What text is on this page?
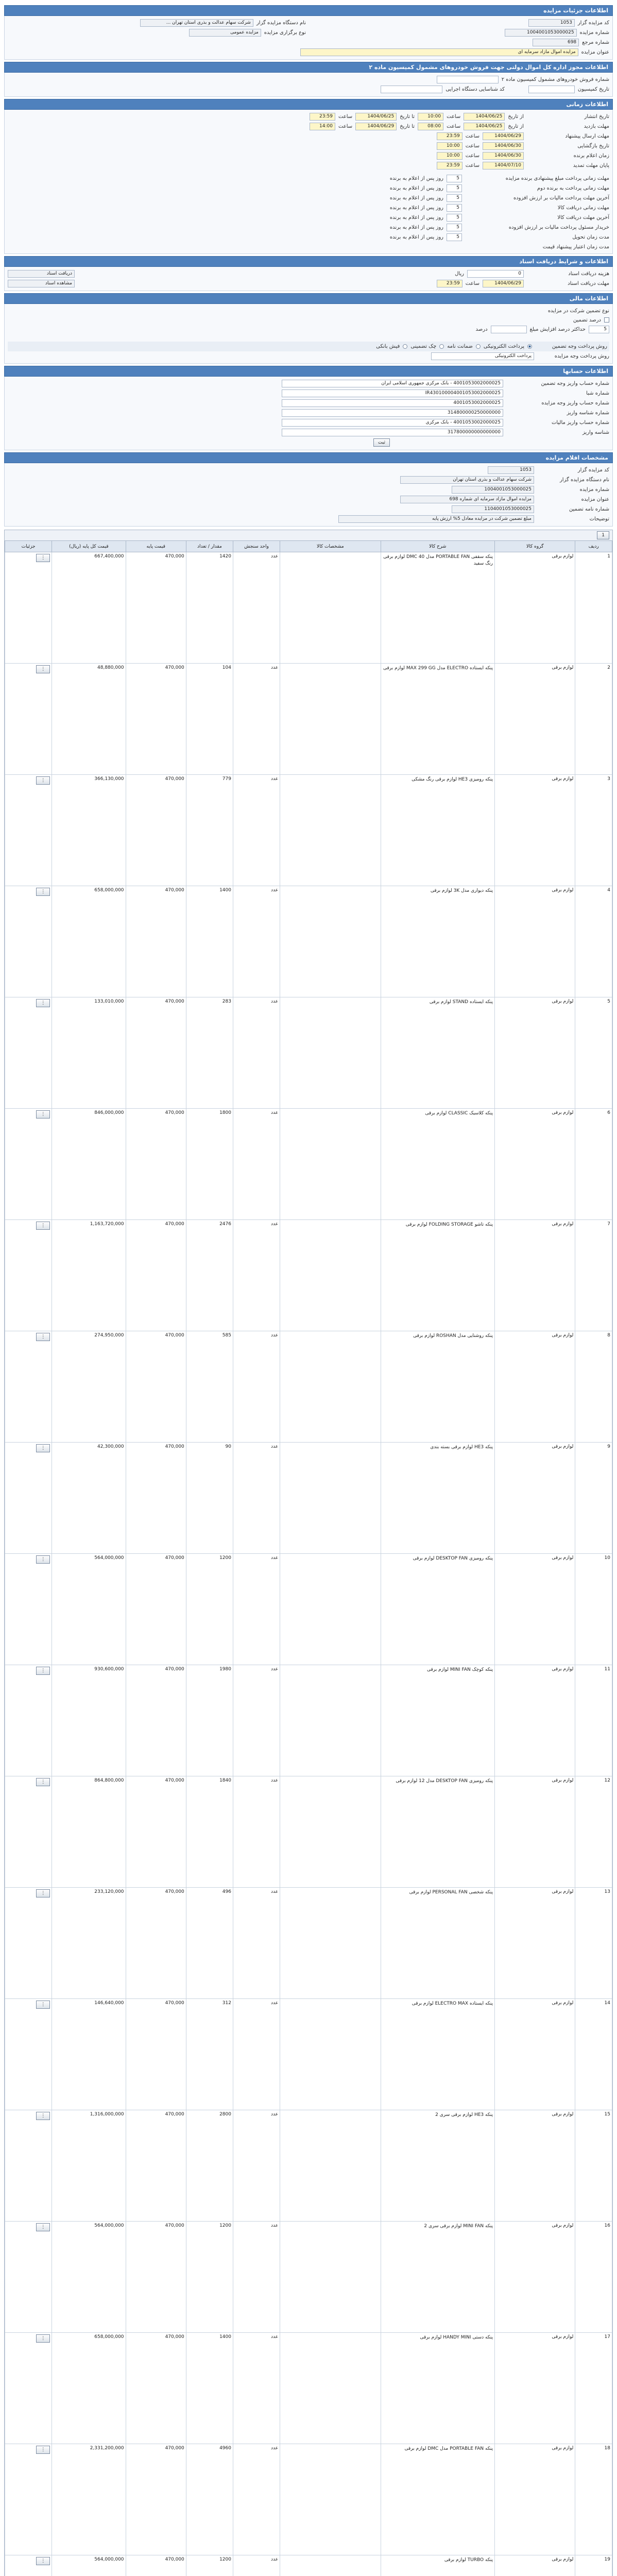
اطلاعات جزئیات مزایده
کد مزایده گزار
1053
نام دستگاه مزایده گزار
شرکت سهام عدالت و بذری استان تهران ...
شماره مزایده
1004001053000025
نوع برگزاری مزایده
مزایده عمومی
شماره مرجع
698
عنوان مزایده
مزایده اموال مازاد سرمایه ای
اطلاعات مجوز اداره کل اموال دولتی جهت فروش خودروهای مشمول کمیسیون ماده ۲
شماره فروش خودروهای مشمول کمیسیون ماده ۲
تاریخ کمیسیون
کد شناسایی دستگاه اجرایی
اطلاعات زمانی
تاریخ انتشار
از تاریخ
1404/06/25
ساعت
10:00
تا تاریخ
1404/06/25
ساعت
23:59
مهلت بازدید
از تاریخ
1404/06/25
ساعت
08:00
تا تاریخ
1404/06/29
ساعت
14:00
مهلت ارسال پیشنهاد
1404/06/29
ساعت
23:59
تاریخ بازگشایی
1404/06/30
ساعت
10:00
زمان اعلام برنده
1404/06/30
ساعت
10:00
پایان مهلت تمدید
1404/07/10
ساعت
23:59
مهلت زمانی پرداخت مبلغ پیشنهادی برنده مزایده
5
روز پس از اعلام به برنده
مهلت زمانی پرداخت به برنده دوم
5
روز پس از اعلام به برنده
آخرین مهلت پرداخت مالیات بر ارزش افزوده
5
روز پس از اعلام به برنده
مهلت زمانی دریافت کالا
5
روز پس از اعلام به برنده
آخرین مهلت دریافت کالا
5
روز پس از اعلام به برنده
خریدار مسئول پرداخت مالیات بر ارزش افزوده
5
روز پس از اعلام به برنده
مدت زمان تحویل
5
روز پس از اعلام به برنده
مدت زمان اعتبار پیشنهاد قیمت
اطلاعات و شرایط دریافت اسناد
هزینه دریافت اسناد
0
ریال
دریافت اسناد
مهلت دریافت اسناد
1404/06/29
ساعت
23:59
مشاهده اسناد
اطلاعات مالی
نوع تضمین شرکت در مزایده
درصد تضمین
5
حداکثر درصد افزایش مبلغ
درصد
روش پرداخت وجه تضمین
پرداخت الکترونیکی
ضمانت نامه
چک تضمینی
فیش بانکی
روش پرداخت وجه مزایده
پرداخت الکترونیکی
اطلاعات حسابها
شماره حساب واریز وجه تضمین
4001053002000025 - بانک مرکزی جمهوری اسلامی ایران
شماره شبا
IR430100004001053002000025
شماره حساب واریز وجه مزایده
4001053002000025
شماره شناسه واریز
314800000250000000
شماره حساب واریز مالیات
4001053002000025 - بانک مرکزی
شناسه واریز
317800000000000000
ثبت
مشخصات اقلام مزایده
کد مزایده گزار
1053
نام دستگاه مزایده گزار
شرکت سهام عدالت و بذری استان تهران
شماره مزایده
1004001053000025
عنوان مزایده
مزایده اموال مازاد سرمایه ای شماره 698
شماره نامه تضمین
1104001053000025
توضیحات
مبلغ تضمین شرکت در مزایده معادل 5% ارزش پایه
1
ردیف	گروه کالا	شرح کالا	مشخصات کالا	واحد سنجش	مقدار / تعداد	قیمت پایه	قیمت کل پایه (ریال)	جزئیات
1	لوازم برقی	پنکه سقفی PORTABLE FAN مدل DMC 40 لوازم برقی رنگ سفید		عدد	1420	470,000	667,400,000	⋮
2	لوازم برقی	پنکه ایستاده ELECTRO مدل MAX 299 GG لوازم برقی		عدد	104	470,000	48,880,000	⋮
3	لوازم برقی	پنکه رومیزی HE3 لوازم برقی رنگ مشکی		عدد	779	470,000	366,130,000	⋮
4	لوازم برقی	پنکه دیواری مدل 3K لوازم برقی		عدد	1400	470,000	658,000,000	⋮
5	لوازم برقی	پنکه ایستاده STAND لوازم برقی		عدد	283	470,000	133,010,000	⋮
6	لوازم برقی	پنکه کلاسیک CLASSIC لوازم برقی		عدد	1800	470,000	846,000,000	⋮
7	لوازم برقی	پنکه تاشو FOLDING STORAGE لوازم برقی		عدد	2476	470,000	1,163,720,000	⋮
8	لوازم برقی	پنکه روشنایی مدل ROSHAN لوازم برقی		عدد	585	470,000	274,950,000	⋮
9	لوازم برقی	پنکه HE3 لوازم برقی بسته بندی		عدد	90	470,000	42,300,000	⋮
10	لوازم برقی	پنکه رومیزی DESKTOP FAN لوازم برقی		عدد	1200	470,000	564,000,000	⋮
11	لوازم برقی	پنکه کوچک MINI FAN لوازم برقی		عدد	1980	470,000	930,600,000	⋮
12	لوازم برقی	پنکه رومیزی DESKTOP FAN مدل 12 لوازم برقی		عدد	1840	470,000	864,800,000	⋮
13	لوازم برقی	پنکه شخصی PERSONAL FAN لوازم برقی		عدد	496	470,000	233,120,000	⋮
14	لوازم برقی	پنکه ایستاده ELECTRO MAX لوازم برقی		عدد	312	470,000	146,640,000	⋮
15	لوازم برقی	پنکه HE3 لوازم برقی سری 2		عدد	2800	470,000	1,316,000,000	⋮
16	لوازم برقی	پنکه MINI FAN لوازم برقی سری 2		عدد	1200	470,000	564,000,000	⋮
17	لوازم برقی	پنکه دستی HANDY MINI لوازم برقی		عدد	1400	470,000	658,000,000	⋮
18	لوازم برقی	پنکه PORTABLE FAN مدل DMC لوازم برقی		عدد	4960	470,000	2,331,200,000	⋮
19	لوازم برقی	پنکه TURBO لوازم برقی		عدد	1200	470,000	564,000,000	⋮
